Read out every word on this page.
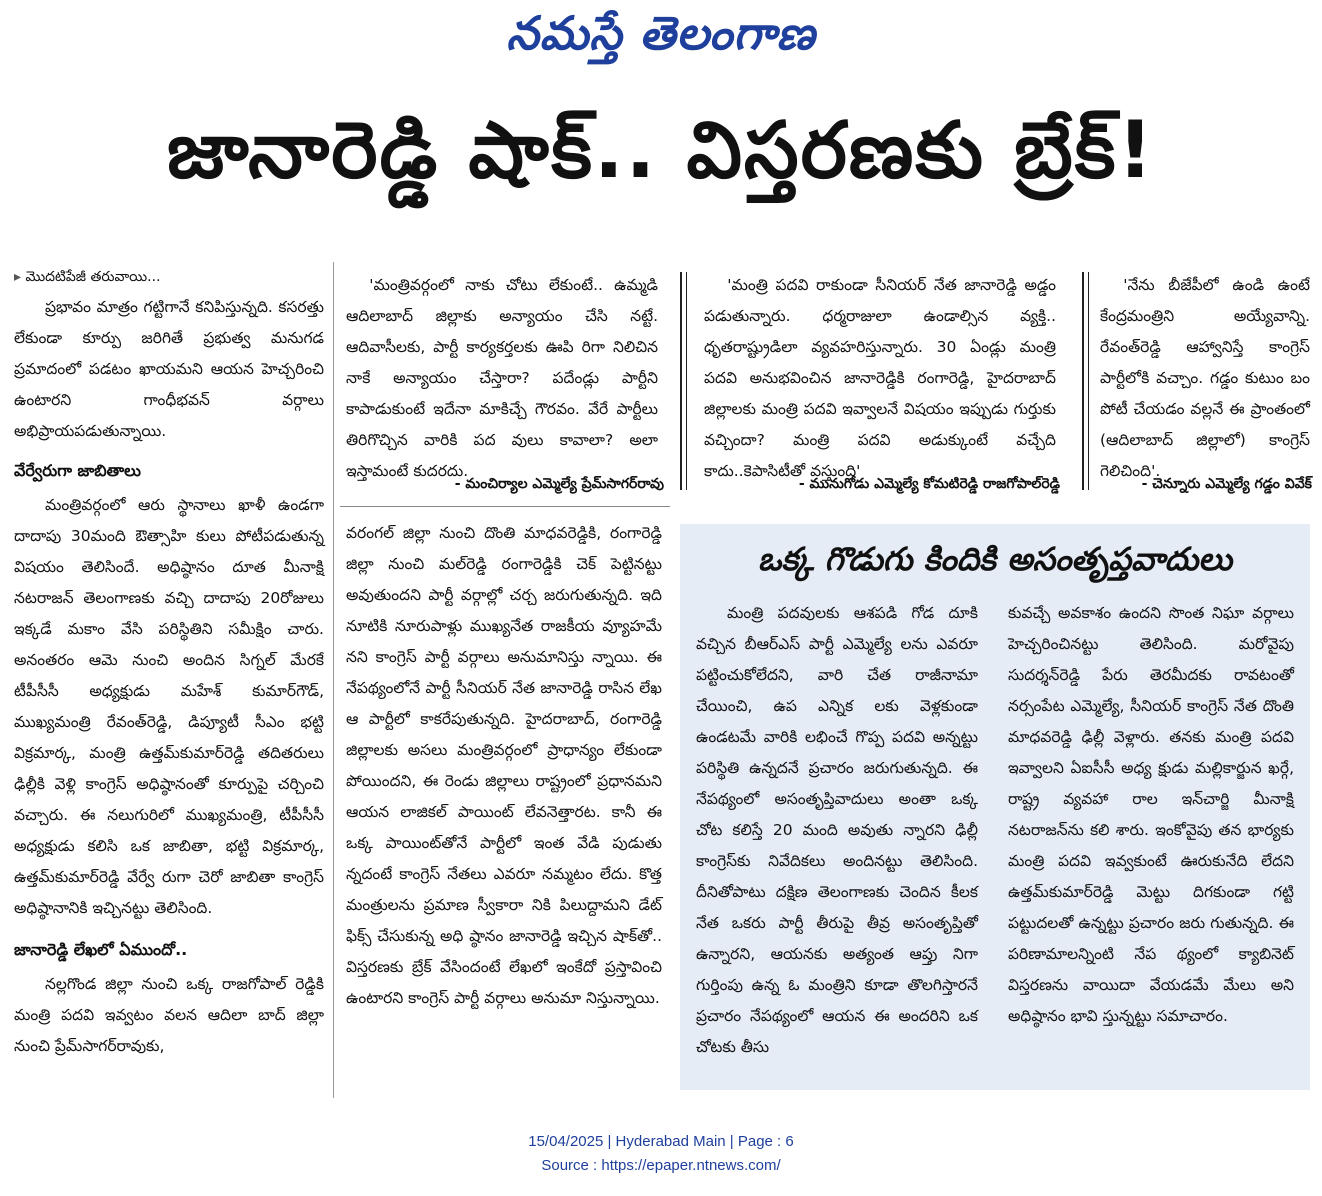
నమస్తే తెలంగాణ
జానారెడ్డి షాక్.. విస్తరణకు బ్రేక్!

▸ మొదటిపేజీ తరువాయి...

ప్రభావం మాత్రం గట్టిగానే కనిపిస్తున్నది. కసరత్తు లేకుండా కూర్పు జరిగితే ప్రభుత్వ మనుగడ ప్రమాదంలో పడటం ఖాయమని ఆయన హెచ్చరించి ఉంటారని గాంధీభవన్ వర్గాలు అభిప్రాయపడుతున్నాయి.

వేర్వేరుగా జాబితాలు

మంత్రివర్గంలో ఆరు స్థానాలు ఖాళీ ఉండగా దాదాపు 30మంది ఔత్సాహి కులు పోటీపడుతున్న విషయం తెలిసిందే. అధిష్ఠానం దూత మీనాక్షి నటరాజన్ తెలంగాణకు వచ్చి దాదాపు 20రోజులు ఇక్కడే మకాం వేసి పరిస్థితిని సమీక్షిం చారు. అనంతరం ఆమె నుంచి అందిన సిగ్నల్ మేరకే టీపీసీసీ అధ్యక్షుడు మహేశ్ కుమార్‌గౌడ్, ముఖ్యమంత్రి రేవంత్‌రెడ్డి, డిప్యూటీ సీఎం భట్టి విక్రమార్క, మంత్రి ఉత్తమ్‌కుమార్‌రెడ్డి తదితరులు ఢిల్లీకి వెళ్లి కాంగ్రెస్ అధిష్ఠానంతో కూర్పుపై చర్చించి వచ్చారు. ఈ నలుగురిలో ముఖ్యమంత్రి, టీపీసీసీ అధ్యక్షుడు కలిసి ఒక జాబితా, భట్టి విక్రమార్క, ఉత్తమ్‌కుమార్‌రెడ్డి వేర్వే రుగా చెరో జాబితా కాంగ్రెస్ అధిష్ఠానానికి ఇచ్చినట్టు తెలిసింది.

జానారెడ్డి లేఖలో ఏముందో..

నల్లగొండ జిల్లా నుంచి ఒక్క రాజగోపాల్ రెడ్డికి మంత్రి పదవి ఇవ్వటం వలన ఆదిలా బాద్ జిల్లా నుంచి ప్రేమ్‌సాగర్‌రావుకు,

'మంత్రివర్గంలో నాకు చోటు లేకుంటే.. ఉమ్మడి ఆదిలాబాద్ జిల్లాకు అన్యాయం చేసి నట్టే. ఆదివాసీలకు, పార్టీ కార్యకర్తలకు ఊపి రిగా నిలిచిన నాకే అన్యాయం చేస్తారా? పదేండ్లు పార్టీని కాపాడుకుంటే ఇదేనా మాకిచ్చే గౌరవం. వేరే పార్టీలు తిరిగొచ్చిన వారికి పద వులు కావాలా? అలా ఇస్తామంటే కుదరదు.

- మంచిర్యాల ఎమ్మెల్యే ప్రేమ్‌సాగర్‌రావు

'మంత్రి పదవి రాకుండా సీనియర్ నేత జానారెడ్డి అడ్డం పడుతున్నారు. ధర్మరాజులా ఉండాల్సిన వ్యక్తి.. ధృతరాష్ట్రుడిలా వ్యవహరిస్తున్నారు. 30 ఏండ్లు మంత్రి పదవి అనుభవించిన జానారెడ్డికి రంగారెడ్డి, హైదరాబాద్ జిల్లాలకు మంత్రి పదవి ఇవ్వాలనే విషయం ఇప్పుడు గుర్తుకు వచ్చిందా? మంత్రి పదవి అడుక్కుంటే వచ్చేది కాదు..కెపాసిటీతో వస్తుంది'

- మునుగోడు ఎమ్మెల్యే కోమటిరెడ్డి రాజగోపాల్‌రెడ్డి

'నేను బీజేపీలో ఉండి ఉంటే కేంద్రమంత్రిని అయ్యేవాన్ని. రేవంత్‌రెడ్డి ఆహ్వానిస్తే కాంగ్రెస్ పార్టీలోకి వచ్చాం. గడ్డం కుటుం బం పోటీ చేయడం వల్లనే ఈ ప్రాంతంలో (ఆదిలాబాద్ జిల్లాలో) కాంగ్రెస్ గెలిచింది'.

- చెన్నూరు ఎమ్మెల్యే గడ్డం వివేక్

వరంగల్ జిల్లా నుంచి దొంతి మాధవరెడ్డికి, రంగారెడ్డి జిల్లా నుంచి మల్‌రెడ్డి రంగారెడ్డికి చెక్ పెట్టినట్టు అవుతుందని పార్టీ వర్గాల్లో చర్చ జరుగుతున్నది. ఇది నూటికి నూరుపాళ్లు ముఖ్యనేత రాజకీయ వ్యూహమే నని కాంగ్రెస్ పార్టీ వర్గాలు అనుమానిస్తు న్నాయి. ఈ నేపథ్యంలోనే పార్టీ సీనియర్ నేత జానారెడ్డి రాసిన లేఖ ఆ పార్టీలో కాకరేపుతున్నది. హైదరాబాద్, రంగారెడ్డి జిల్లాలకు అసలు మంత్రివర్గంలో ప్రాధాన్యం లేకుండా పోయిందని, ఈ రెండు జిల్లాలు రాష్ట్రంలో ప్రధానమని ఆయన లాజికల్ పాయింట్ లేవనెత్తారట. కానీ ఈ ఒక్క పాయింట్‌తోనే పార్టీలో ఇంత వేడి పుడుతు న్నదంటే కాంగ్రెస్ నేతలు ఎవరూ నమ్మటం లేదు. కొత్త మంత్రులను ప్రమాణ స్వీకారా నికి పిలుద్దామని డేట్ ఫిక్స్ చేసుకున్న అధి ష్ఠానం జానారెడ్డి ఇచ్చిన షాక్‌తో.. విస్తరణకు బ్రేక్ వేసిందంటే లేఖలో ఇంకేదో ప్రస్తావించి ఉంటారని కాంగ్రెస్ పార్టీ వర్గాలు అనుమా నిస్తున్నాయి.

ఒక్క గొడుగు కిందికి అసంతృప్తవాదులు

మంత్రి పదవులకు ఆశపడి గోడ దూకి వచ్చిన బీఆర్‌ఎస్ పార్టీ ఎమ్మెల్యే లను ఎవరూ పట్టించుకోలేదని, వారి చేత రాజీనామా చేయించి, ఉప ఎన్నిక లకు వెళ్లకుండా ఉండటమే వారికి లభించే గొప్ప పదవి అన్నట్టు పరిస్థితి ఉన్నదనే ప్రచారం జరుగుతున్నది. ఈ నేపథ్యంలో అసంతృప్తివాదులు అంతా ఒక్క చోట కలిస్తే 20 మంది అవుతు న్నారని ఢిల్లీ కాంగ్రెస్‌కు నివేదికలు అందినట్టు తెలిసింది. దీనితోపాటు దక్షిణ తెలంగాణకు చెందిన కీలక నేత ఒకరు పార్టీ తీరుపై తీవ్ర అసంతృప్తితో ఉన్నారని, ఆయనకు అత్యంత ఆప్తు నిగా గుర్తింపు ఉన్న ఓ మంత్రిని కూడా తొలగిస్తారనే ప్రచారం నేపథ్యంలో ఆయన ఈ అందరిని ఒక చోటకు తీసు

కువచ్చే అవకాశం ఉందని సొంత నిఘా వర్గాలు హెచ్చరించినట్టు తెలిసింది. మరోవైపు సుదర్శన్‌రెడ్డి పేరు తెరమీదకు రావటంతో నర్సంపేట ఎమ్మెల్యే, సీనియర్ కాంగ్రెస్ నేత దొంతి మాధవరెడ్డి ఢిల్లీ వెళ్లారు. తనకు మంత్రి పదవి ఇవ్వాలని ఏఐసీసీ అధ్య క్షుడు మల్లికార్జున ఖర్గే, రాష్ట్ర వ్యవహా రాల ఇన్‌చార్జి మీనాక్షి నటరాజన్‌ను కలి శారు. ఇంకోవైపు తన భార్యకు మంత్రి పదవి ఇవ్వకుంటే ఊరుకునేది లేదని ఉత్తమ్‌కుమార్‌రెడ్డి మెట్టు దిగకుండా గట్టి పట్టుదలతో ఉన్నట్టు ప్రచారం జరు గుతున్నది. ఈ పరిణామాలన్నింటి నేప థ్యంలో క్యాబినెట్ విస్తరణను వాయిదా వేయడమే మేలు అని అధిష్ఠానం భావి స్తున్నట్టు సమాచారం.

15/04/2025 | Hyderabad Main | Page : 6
Source : https://epaper.ntnews.com/
